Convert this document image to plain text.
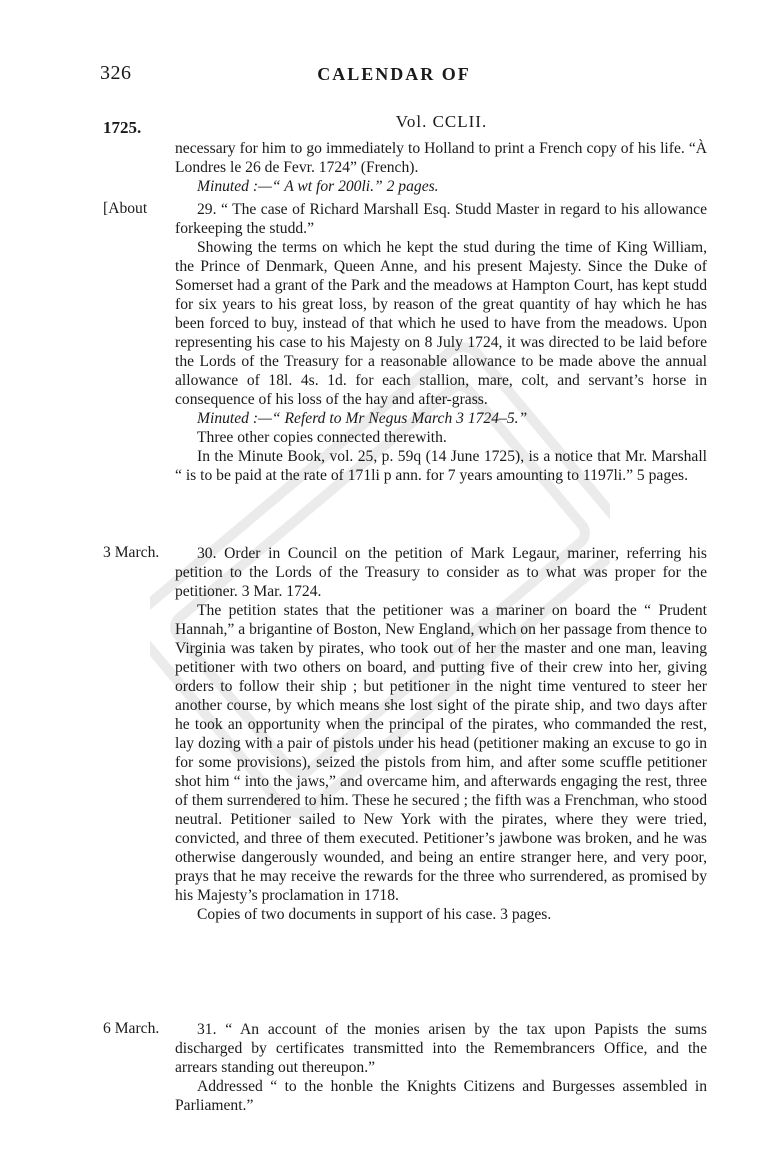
326	CALENDAR OF
1725.	Vol. CCLII.

necessary for him to go immediately to Holland to print a French copy of his life. “À Londres le 26 de Fevr. 1724” (French).

Minuted :—“ A wt for 200li.” 2 pages.

[About	29. “ The case of Richard Marshall Esq. Studd Master in regard to his allowance forkeeping the studd.”

Showing the terms on which he kept the stud during the time of King William, the Prince of Denmark, Queen Anne, and his present Majesty. Since the Duke of Somerset had a grant of the Park and the meadows at Hampton Court, has kept studd for six years to his great loss, by reason of the great quantity of hay which he has been forced to buy, instead of that which he used to have from the meadows. Upon representing his case to his Majesty on 8 July 1724, it was directed to be laid before the Lords of the Treasury for a reasonable allowance to be made above the annual allowance of 18l. 4s. 1d. for each stallion, mare, colt, and servant’s horse in consequence of his loss of the hay and after-grass.

Minuted :—“ Referd to Mr Negus March 3 1724–5.”

Three other copies connected therewith.

In the Minute Book, vol. 25, p. 59q (14 June 1725), is a notice that Mr. Marshall “ is to be paid at the rate of 171li p ann. for 7 years amounting to 1197li.” 5 pages.

3 March.	30. Order in Council on the petition of Mark Legaur, mariner, referring his petition to the Lords of the Treasury to consider as to what was proper for the petitioner. 3 Mar. 1724.

The petition states that the petitioner was a mariner on board the “ Prudent Hannah,” a brigantine of Boston, New England, which on her passage from thence to Virginia was taken by pirates, who took out of her the master and one man, leaving petitioner with two others on board, and putting five of their crew into her, giving orders to follow their ship ; but petitioner in the night time ventured to steer her another course, by which means she lost sight of the pirate ship, and two days after he took an opportunity when the principal of the pirates, who commanded the rest, lay dozing with a pair of pistols under his head (petitioner making an excuse to go in for some provisions), seized the pistols from him, and after some scuffle petitioner shot him “ into the jaws,” and overcame him, and afterwards engaging the rest, three of them surrendered to him. These he secured ; the fifth was a Frenchman, who stood neutral. Petitioner sailed to New York with the pirates, where they were tried, convicted, and three of them executed. Petitioner’s jawbone was broken, and he was otherwise dangerously wounded, and being an entire stranger here, and very poor, prays that he may receive the rewards for the three who surrendered, as promised by his Majesty’s proclamation in 1718.

Copies of two documents in support of his case. 3 pages.

6 March.	31. “ An account of the monies arisen by the tax upon Papists the sums discharged by certificates transmitted into the Remembrancers Office, and the arrears standing out thereupon.”

Addressed “ to the honble the Knights Citizens and Burgesses assembled in Parliament.”
